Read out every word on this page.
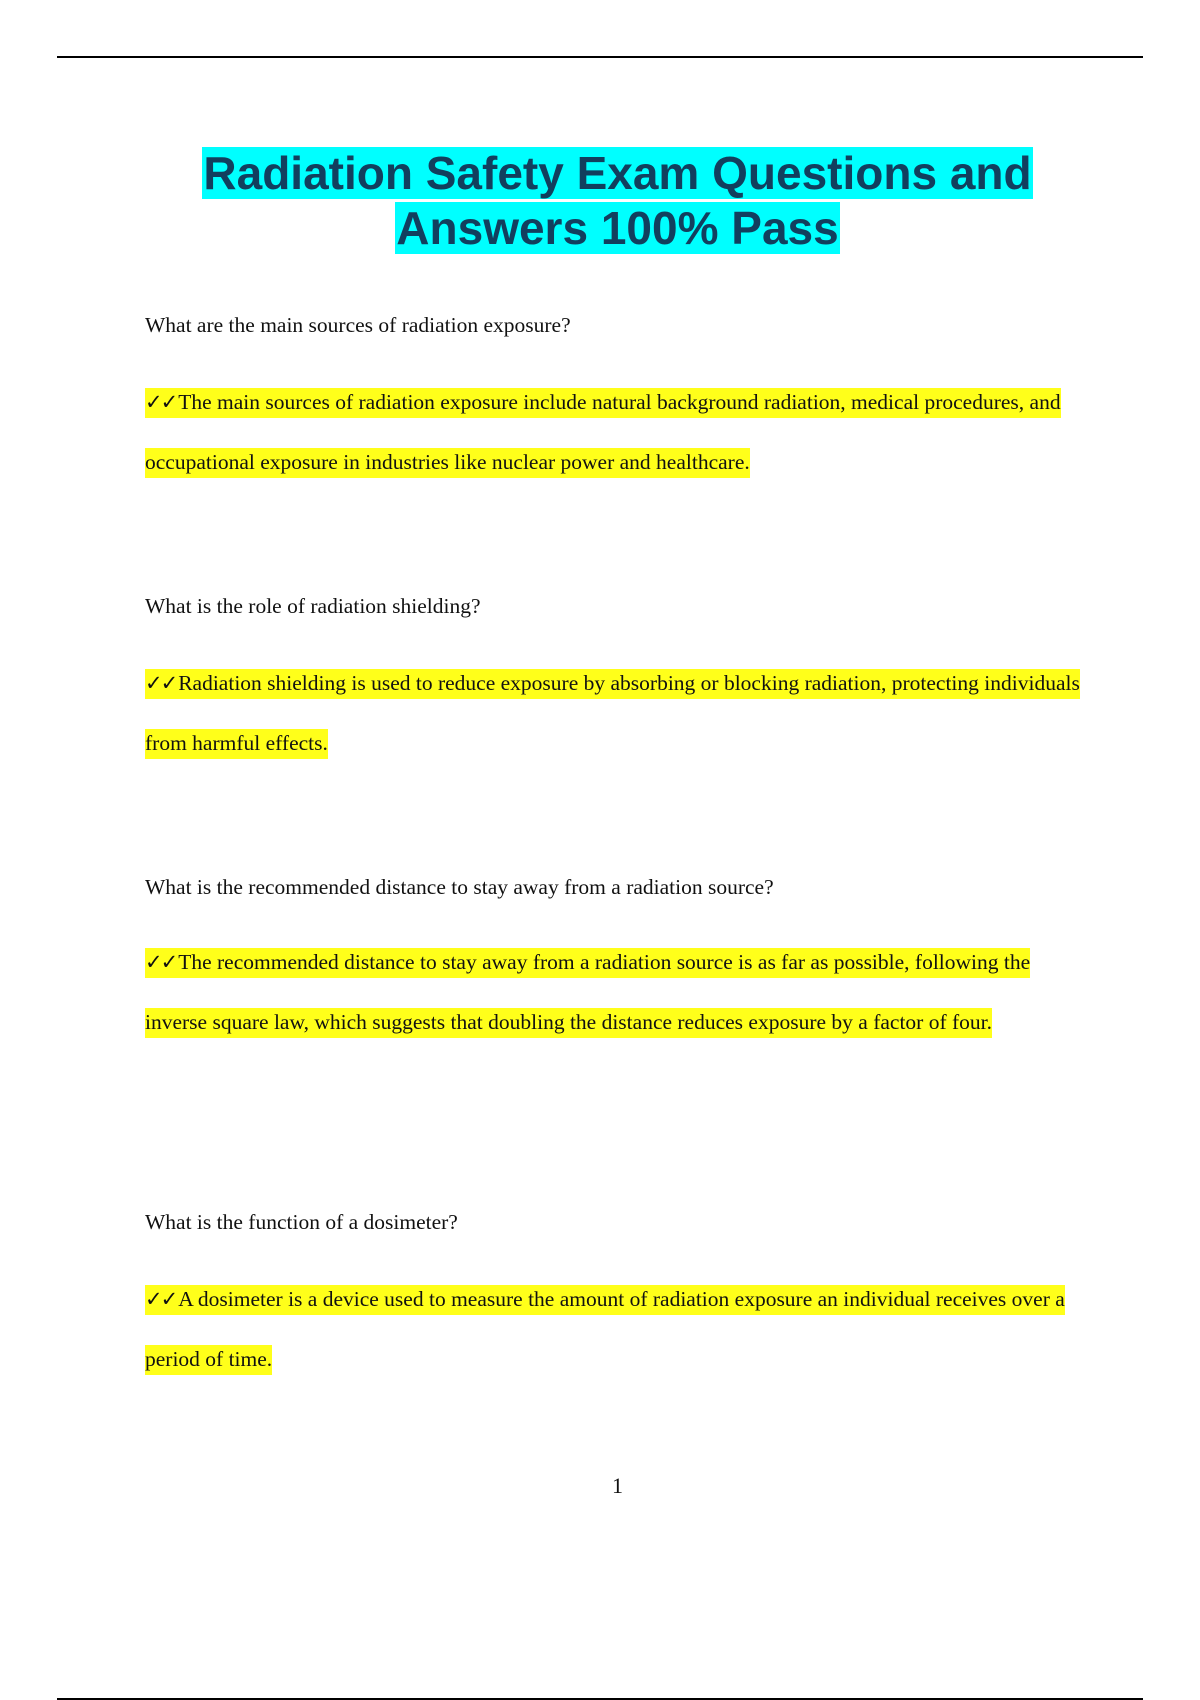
Radiation Safety Exam Questions and
Answers 100% Pass

What are the main sources of radiation exposure?

✓✓The main sources of radiation exposure include natural background radiation, medical procedures, and occupational exposure in industries like nuclear power and healthcare.

What is the role of radiation shielding?

✓✓Radiation shielding is used to reduce exposure by absorbing or blocking radiation, protecting individuals from harmful effects.

What is the recommended distance to stay away from a radiation source?

✓✓The recommended distance to stay away from a radiation source is as far as possible, following the inverse square law, which suggests that doubling the distance reduces exposure by a factor of four.

What is the function of a dosimeter?

✓✓A dosimeter is a device used to measure the amount of radiation exposure an individual receives over a period of time.

1
